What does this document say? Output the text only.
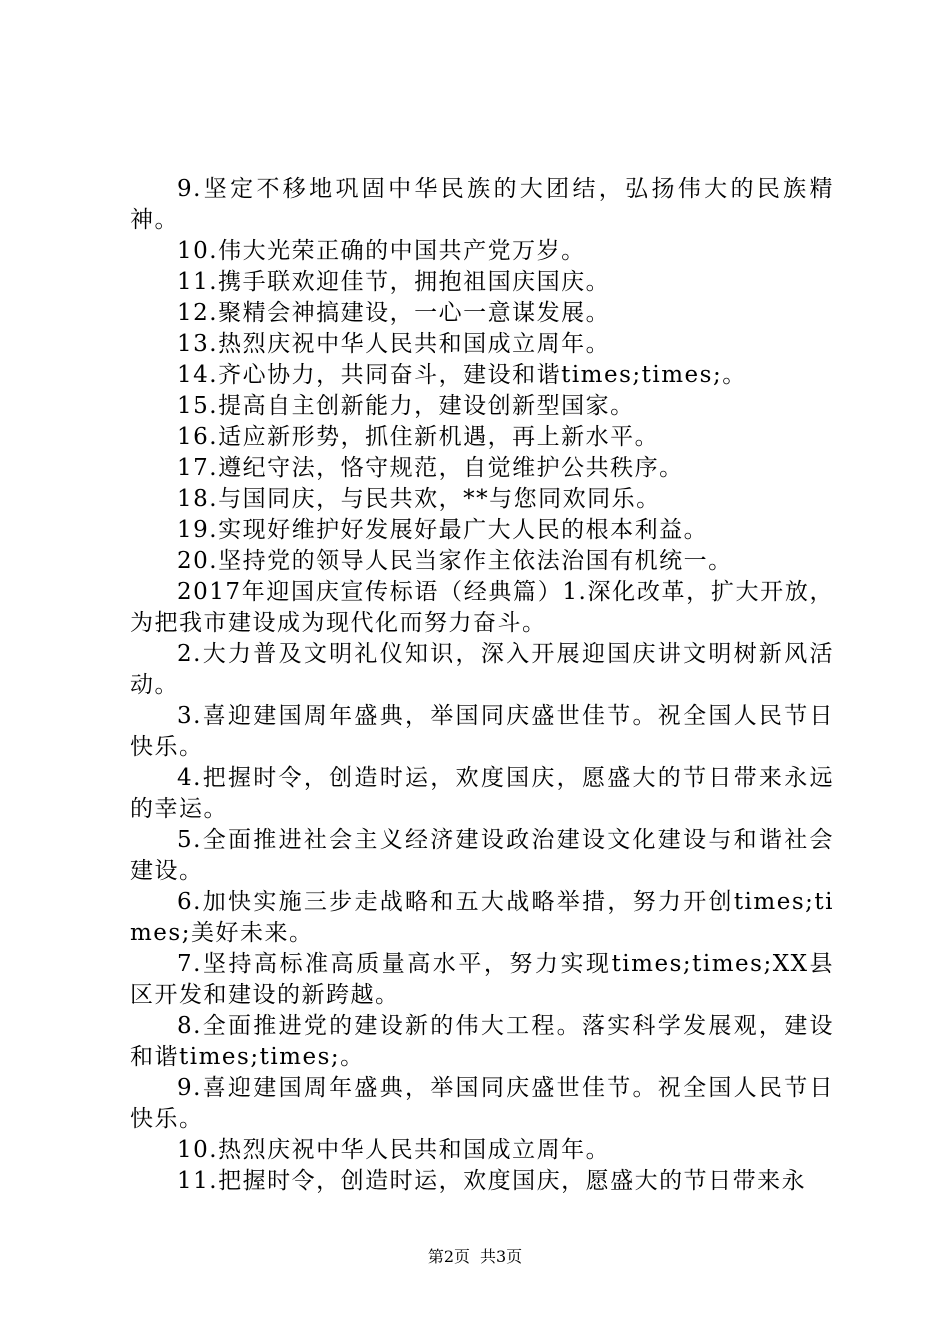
9.坚定不移地巩固中华民族的大团结，弘扬伟大的民族精神。

10.伟大光荣正确的中国共产党万岁。

11.携手联欢迎佳节，拥抱祖国庆国庆。

12.聚精会神搞建设，一心一意谋发展。

13.热烈庆祝中华人民共和国成立周年。

14.齐心协力，共同奋斗，建设和谐times;times;。

15.提高自主创新能力，建设创新型国家。

16.适应新形势，抓住新机遇，再上新水平。

17.遵纪守法，恪守规范，自觉维护公共秩序。

18.与国同庆，与民共欢，**与您同欢同乐。

19.实现好维护好发展好最广大人民的根本利益。

20.坚持党的领导人民当家作主依法治国有机统一。

2017年迎国庆宣传标语（经典篇）1.深化改革，扩大开放，为把我市建设成为现代化而努力奋斗。

2.大力普及文明礼仪知识，深入开展迎国庆讲文明树新风活动。

3.喜迎建国周年盛典，举国同庆盛世佳节。祝全国人民节日快乐。

4.把握时令，创造时运，欢度国庆，愿盛大的节日带来永远的幸运。

5.全面推进社会主义经济建设政治建设文化建设与和谐社会建设。

6.加快实施三步走战略和五大战略举措，努力开创times;times;美好未来。

7.坚持高标准高质量高水平，努力实现times;times;XX县区开发和建设的新跨越。

8.全面推进党的建设新的伟大工程。落实科学发展观，建设和谐times;times;。

9.喜迎建国周年盛典，举国同庆盛世佳节。祝全国人民节日快乐。

10.热烈庆祝中华人民共和国成立周年。

11.把握时令，创造时运，欢度国庆，愿盛大的节日带来永

第2页 共3页
